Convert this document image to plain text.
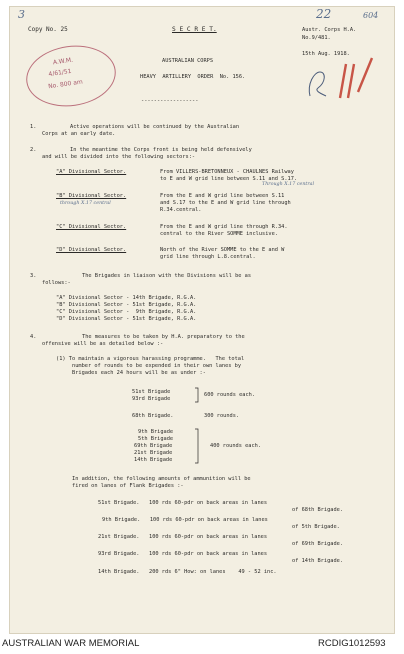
3	22	604
Copy No. 25	S E C R E T.	Austr. Corps H.A.
No.9/481.
15th Aug. 1918.
AUSTRALIAN CORPS
HEAVY  ARTILLERY  ORDER  No. 156.
------------------
A.W.M.
4/61/51
No. 800 am
1.	Active operations will be continued by the Australian
Corps at an early date.
2.	In the meantime the Corps front is being held defensively
and will be divided into the following sectors:-
"A" Divisional Sector.	From VILLERS-BRETONNEUX - CHAULNES Railway
to E and W grid line between S.11 and S.17.
Through X.17 central
"B" Divisional Sector.	From the E and W grid line between S.11
and S.17 to the E and W grid line through
R.34.central.
through X.17 central
"C" Divisional Sector.	From the E and W grid line through R.34.
central to the River SOMME inclusive.
"D" Divisional Sector.	North of the River SOMME to the E and W
grid line through L.8.central.
3.	The Brigades in liaison with the Divisions will be as
follows:-
"A" Divisional Sector - 14th Brigade, R.G.A.
"B" Divisional Sector - 51st Brigade, R.G.A.
"C" Divisional Sector -  9th Brigade, R.G.A.
"D" Divisional Sector - 51st Brigade, R.G.A.
4.	The measures to be taken by H.A. preparatory to the
offensive will be as detailed below :-
(1) To maintain a vigorous harassing programme.   The total
number of rounds to be expended in their own lanes by
Brigades each 24 hours will be as under :-
51st Brigade
93rd Brigade
600 rounds each.
68th Brigade.	300 rounds.
9th Brigade
5th Brigade
69th Brigade
21st Brigade
14th Brigade
400 rounds each.
In addition, the following amounts of ammunition will be
fired on lanes of Flank Brigades :-
51st Brigade.   100 rds 60-pdr on back areas in lanes
of 68th Brigade.
9th Brigade.   100 rds 60-pdr on back areas in lanes
of 5th Brigade.
21st Brigade.   100 rds 60-pdr on back areas in lanes
of 69th Brigade.
93rd Brigade.   100 rds 60-pdr on back areas in lanes
of 14th Brigade.
14th Brigade.   200 rds 6" How: on lanes    49 - 52 inc.
AUSTRALIAN WAR MEMORIAL	RCDIG1012593
